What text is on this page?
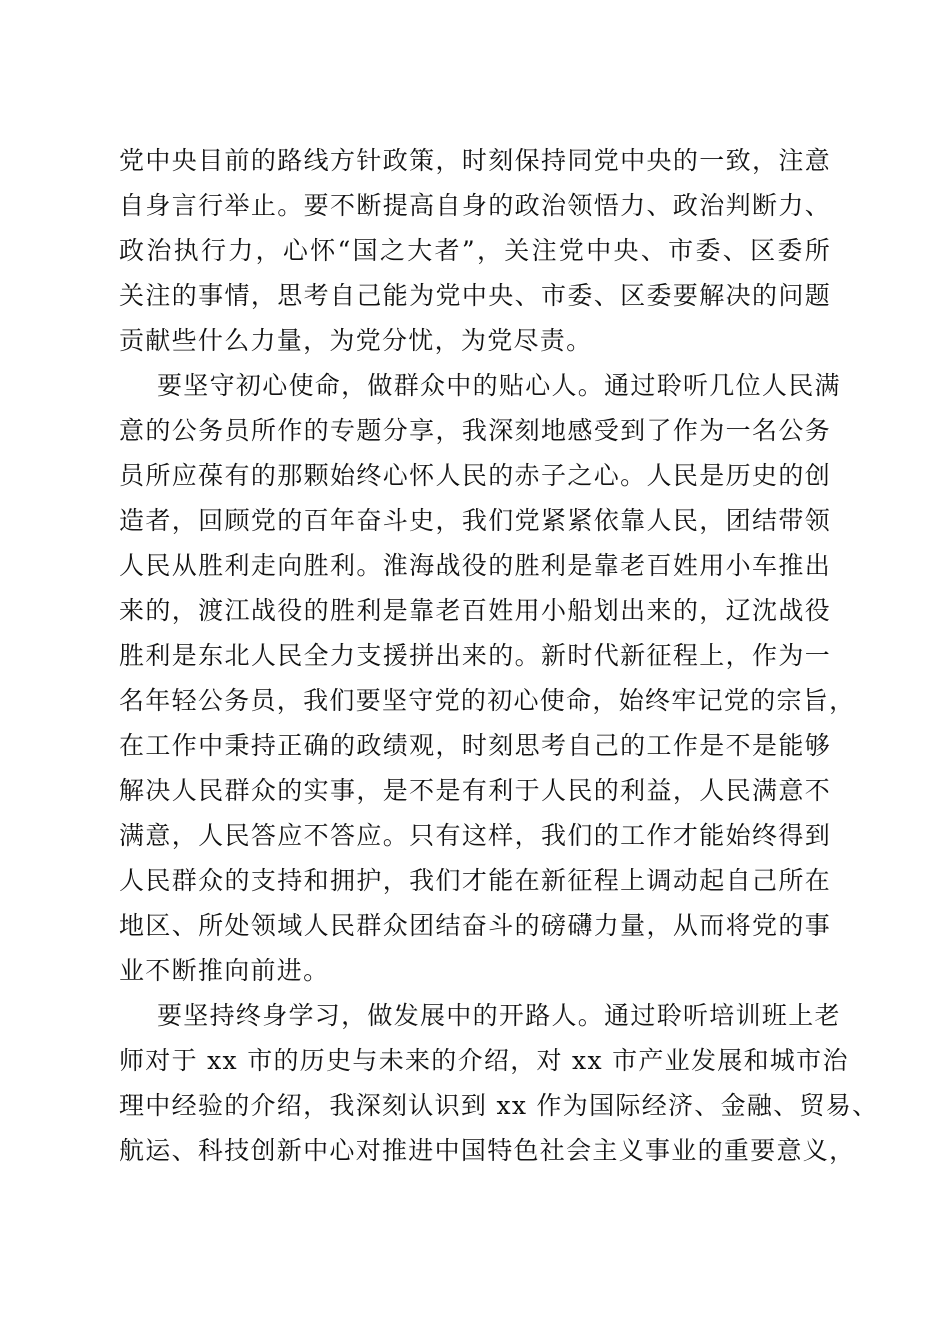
党中央目前的路线方针政策，时刻保持同党中央的一致，注意
自身言行举止。要不断提高自身的政治领悟力、政治判断力、
政治执行力，心怀“国之大者”，关注党中央、市委、区委所
关注的事情，思考自己能为党中央、市委、区委要解决的问题
贡献些什么力量，为党分忧，为党尽责。
要坚守初心使命，做群众中的贴心人。通过聆听几位人民满
意的公务员所作的专题分享，我深刻地感受到了作为一名公务
员所应葆有的那颗始终心怀人民的赤子之心。人民是历史的创
造者，回顾党的百年奋斗史，我们党紧紧依靠人民，团结带领
人民从胜利走向胜利。淮海战役的胜利是靠老百姓用小车推出
来的，渡江战役的胜利是靠老百姓用小船划出来的，辽沈战役
胜利是东北人民全力支援拼出来的。新时代新征程上，作为一
名年轻公务员，我们要坚守党的初心使命，始终牢记党的宗旨，
在工作中秉持正确的政绩观，时刻思考自己的工作是不是能够
解决人民群众的实事，是不是有利于人民的利益，人民满意不
满意，人民答应不答应。只有这样，我们的工作才能始终得到
人民群众的支持和拥护，我们才能在新征程上调动起自己所在
地区、所处领域人民群众团结奋斗的磅礴力量，从而将党的事
业不断推向前进。
要坚持终身学习，做发展中的开路人。通过聆听培训班上老
师对于 xx 市的历史与未来的介绍，对 xx 市产业发展和城市治
理中经验的介绍，我深刻认识到 xx 作为国际经济、金融、贸易、
航运、科技创新中心对推进中国特色社会主义事业的重要意义，
